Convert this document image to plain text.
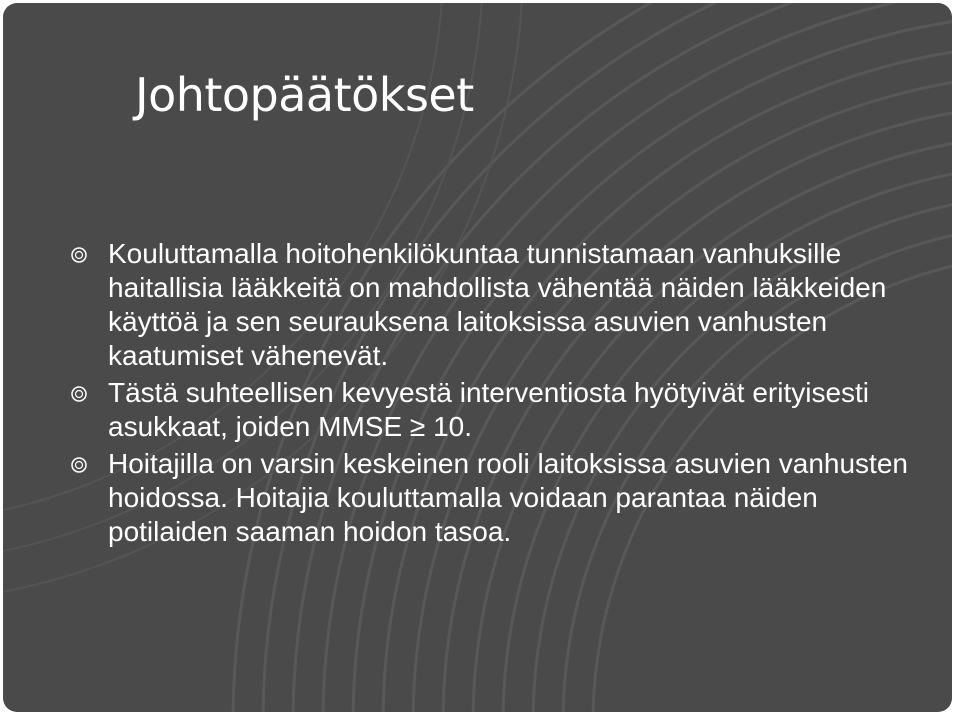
Johtopäätökset
Kouluttamalla hoitohenkilökuntaa tunnistamaan vanhuksille haitallisia lääkkeitä on mahdollista vähentää näiden lääkkeiden käyttöä ja sen seurauksena laitoksissa asuvien vanhusten kaatumiset vähenevät.
Tästä suhteellisen kevyestä interventiosta hyötyivät erityisesti asukkaat, joiden MMSE ≥ 10.
Hoitajilla on varsin keskeinen rooli laitoksissa asuvien vanhusten hoidossa. Hoitajia kouluttamalla voidaan parantaa näiden potilaiden saaman hoidon tasoa.
